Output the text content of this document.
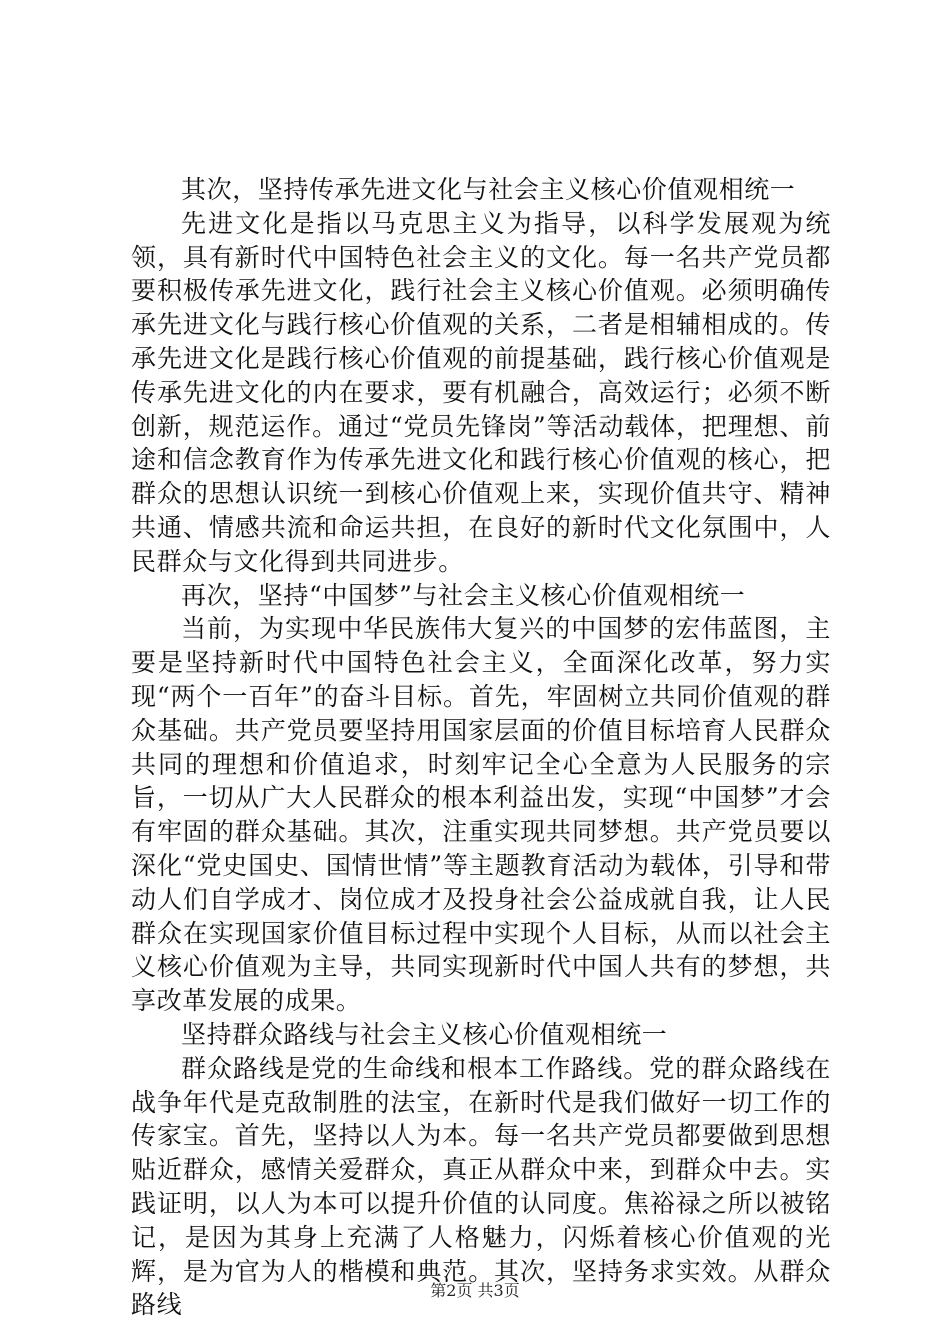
其次，坚持传承先进文化与社会主义核心价值观相统一

先进文化是指以马克思主义为指导，以科学发展观为统领，具有新时代中国特色社会主义的文化。每一名共产党员都要积极传承先进文化，践行社会主义核心价值观。必须明确传承先进文化与践行核心价值观的关系，二者是相辅相成的。传承先进文化是践行核心价值观的前提基础，践行核心价值观是传承先进文化的内在要求，要有机融合，高效运行；必须不断创新，规范运作。通过“党员先锋岗”等活动载体，把理想、前途和信念教育作为传承先进文化和践行核心价值观的核心，把群众的思想认识统一到核心价值观上来，实现价值共守、精神共通、情感共流和命运共担，在良好的新时代文化氛围中，人民群众与文化得到共同进步。

再次，坚持“中国梦”与社会主义核心价值观相统一

当前，为实现中华民族伟大复兴的中国梦的宏伟蓝图，主要是坚持新时代中国特色社会主义，全面深化改革，努力实现“两个一百年”的奋斗目标。首先，牢固树立共同价值观的群众基础。共产党员要坚持用国家层面的价值目标培育人民群众共同的理想和价值追求，时刻牢记全心全意为人民服务的宗旨，一切从广大人民群众的根本利益出发，实现“中国梦”才会有牢固的群众基础。其次，注重实现共同梦想。共产党员要以深化“党史国史、国情世情”等主题教育活动为载体，引导和带动人们自学成才、岗位成才及投身社会公益成就自我，让人民群众在实现国家价值目标过程中实现个人目标，从而以社会主义核心价值观为主导，共同实现新时代中国人共有的梦想，共享改革发展的成果。

坚持群众路线与社会主义核心价值观相统一

群众路线是党的生命线和根本工作路线。党的群众路线在战争年代是克敌制胜的法宝，在新时代是我们做好一切工作的传家宝。首先，坚持以人为本。每一名共产党员都要做到思想贴近群众，感情关爱群众，真正从群众中来，到群众中去。实践证明，以人为本可以提升价值的认同度。焦裕禄之所以被铭记，是因为其身上充满了人格魅力，闪烁着核心价值观的光辉，是为官为人的楷模和典范。其次，坚持务求实效。从群众路线	第2页 共3页
